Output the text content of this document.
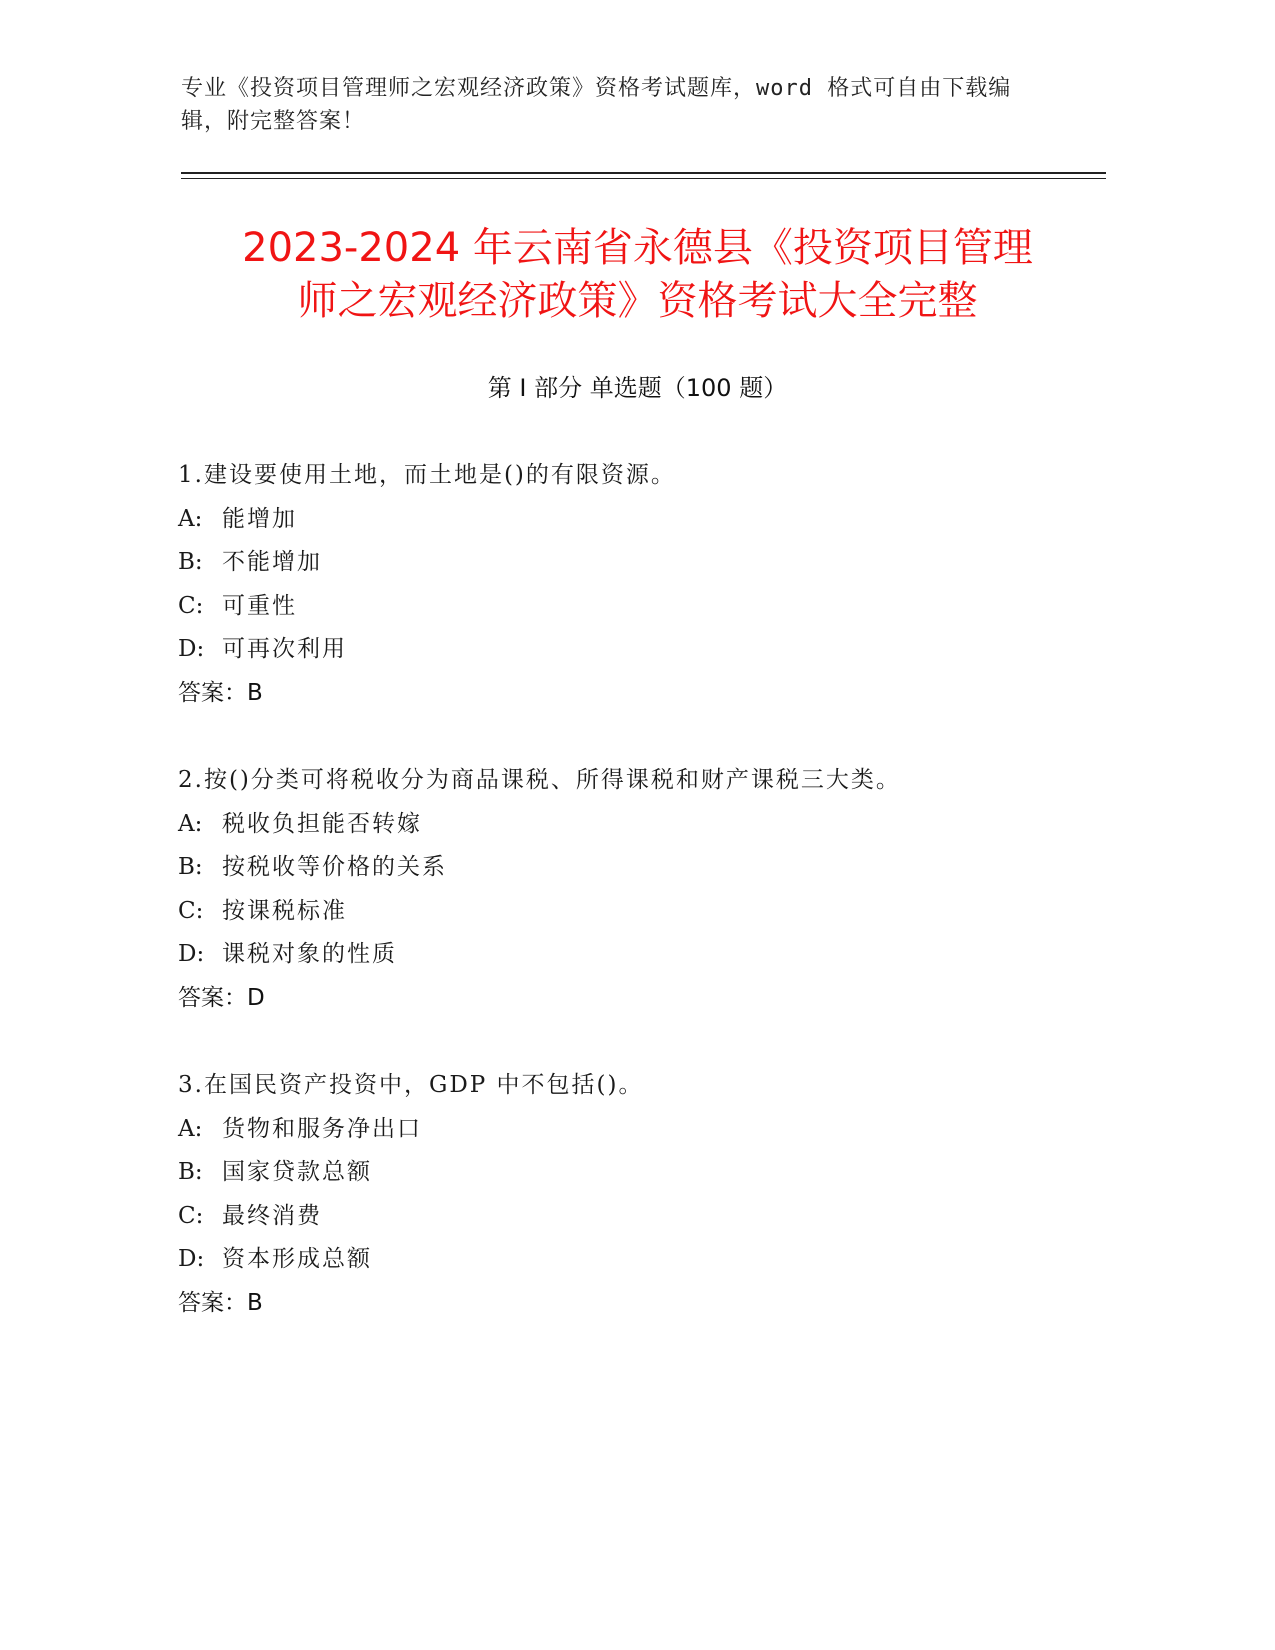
专业《投资项目管理师之宏观经济政策》资格考试题库，word 格式可自由下载编
辑，附完整答案！
2023-2024 年云南省永德县《投资项目管理
师之宏观经济政策》资格考试大全完整
第 I 部分 单选题（100 题）
1.建设要使用土地，而土地是()的有限资源。
A: 能增加
B: 不能增加
C: 可重性
D: 可再次利用
答案：B
2.按()分类可将税收分为商品课税、所得课税和财产课税三大类。
A: 税收负担能否转嫁
B: 按税收等价格的关系
C: 按课税标准
D: 课税对象的性质
答案：D
3.在国民资产投资中，GDP 中不包括()。
A: 货物和服务净出口
B: 国家贷款总额
C: 最终消费
D: 资本形成总额
答案：B
